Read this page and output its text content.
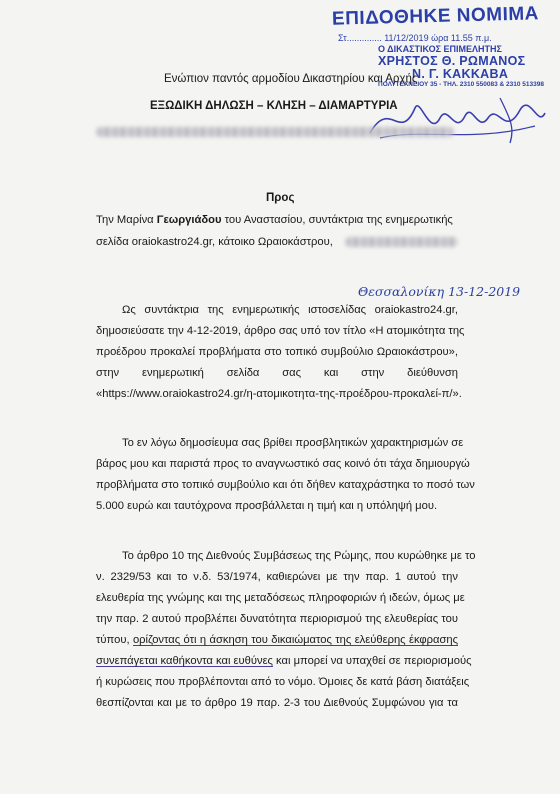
ΕΠΙΔΟΘΗΚΕ ΝΟΜΙΜΑ
Στ.............. 11/12/2019 ώρα 11.55 π.μ.
Ο ΔΙΚΑΣΤΙΚΟΣ ΕΠΙΜΕΛΗΤΗΣ
ΧΡΗΣΤΟΣ Θ. ΡΩΜΑΝΟΣ
Ν. Γ. ΚΑΚΚΑΒΑ
ΠΟΛΥΤΕΧΝΕΙΟΥ 35 - ΤΗΛ. 2310 550083 & 2310 513398
Ενώπιον παντός αρμοδίου Δικαστηρίου και Αρχής
ΕΞΩΔΙΚΗ ΔΗΛΩΣΗ – ΚΛΗΣΗ – ΔΙΑΜΑΡΤΥΡΙΑ
Προς
Την Μαρίνα Γεωργιάδου του Αναστασίου, συντάκτρια της ενημερωτικής
σελίδα oraiokastro24.gr, κάτοικο Ωραιοκάστρου,
Θεσσαλονίκη 13-12-2019
Ως συντάκτρια της ενημερωτικής ιστοσελίδας oraiokastro24.gr,
δημοσιεύσατε την 4-12-2019, άρθρο σας υπό τον τίτλο «Η ατομικότητα της
προέδρου προκαλεί προβλήματα στο τοπικό συμβούλιο Ωραιοκάστρου»,
στην ενημερωτική σελίδα σας και στην διεύθυνση
«https://www.oraiokastro24.gr/η-ατομικοτητα-της-προέδρου-προκαλεί-π/».
Το εν λόγω δημοσίευμα σας βρίθει προσβλητικών χαρακτηρισμών σε
βάρος μου και παριστά προς το αναγνωστικό σας κοινό ότι τάχα δημιουργώ
προβλήματα στο τοπικό συμβούλιο και ότι δήθεν καταχράστηκα το ποσό των
5.000 ευρώ και ταυτόχρονα προσβάλλεται η τιμή και η υπόληψή μου.
Το άρθρο 10 της Διεθνούς Συμβάσεως της Ρώμης, που κυρώθηκε με το
ν. 2329/53 και το ν.δ. 53/1974, καθιερώνει με την παρ. 1 αυτού την
ελευθερία της γνώμης και της μεταδόσεως πληροφοριών ή ιδεών, όμως με
την παρ. 2 αυτού προβλέπει δυνατότητα περιορισμού της ελευθερίας του
τύπου, ορίζοντας ότι η άσκηση του δικαιώματος της ελεύθερης έκφρασης
συνεπάγεται καθήκοντα και ευθύνες και μπορεί να υπαχθεί σε περιορισμούς
ή κυρώσεις που προβλέπονται από το νόμο. Όμοιες δε κατά βάση διατάξεις
θεσπίζονται και με το άρθρο 19 παρ. 2-3 του Διεθνούς Συμφώνου για τα
